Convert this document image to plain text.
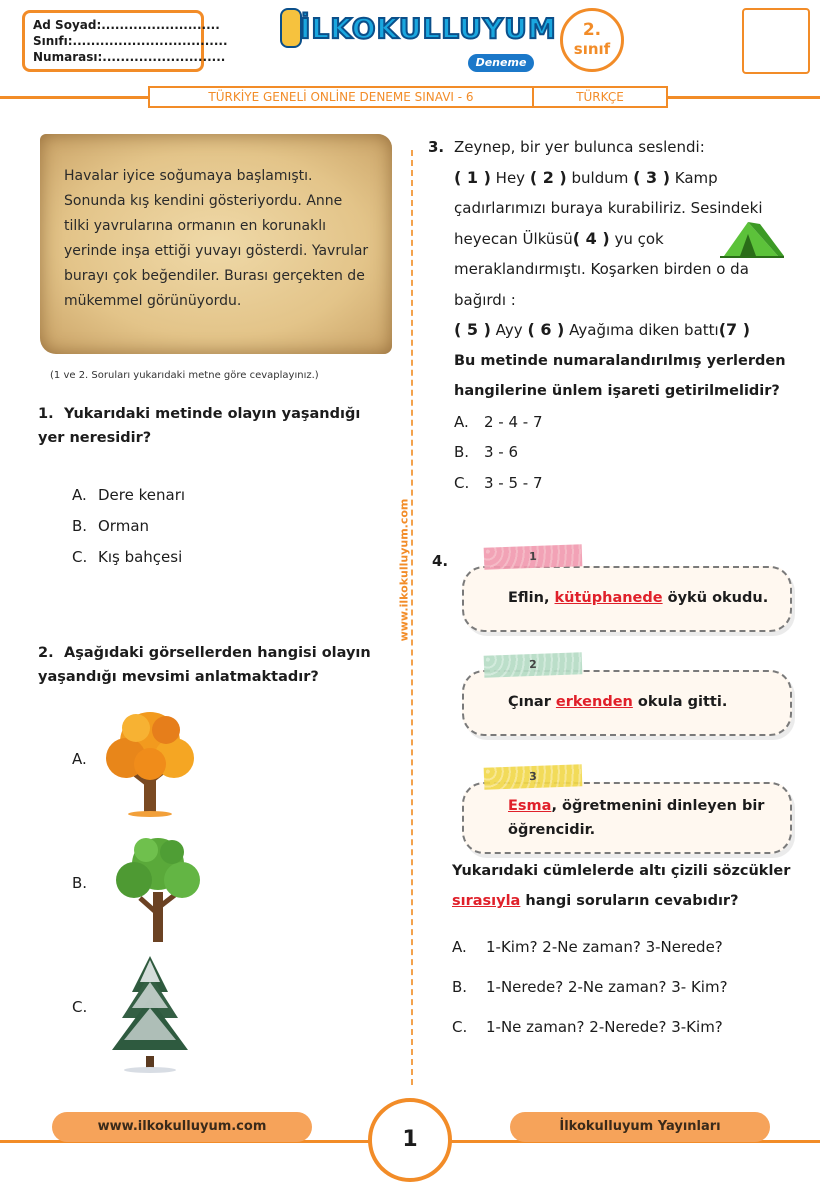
Ad Soyad:..........................
Sınıfı:..................................
Numarası:...........................
İLKOKULLUYUM
Deneme
2.
sınıf
TÜRKİYE GENELİ ONLİNE DENEME SINAVI - 6	TÜRKÇE
www.ilkokulluyum.com
Havalar iyice soğumaya başlamıştı. Sonunda kış kendini gösteriyordu. Anne tilki yavrularına ormanın en korunaklı yerinde inşa ettiği yuvayı gösterdi. Yavrular burayı çok beğendiler. Burası gerçekten de mükemmel görünüyordu.
(1 ve 2. Soruları yukarıdaki metne göre cevaplayınız.)
1. Yukarıdaki metinde olayın yaşandığı yer neresidir?
A. Dere kenarı
B. Orman
C. Kış bahçesi
2. Aşağıdaki görsellerden hangisi olayın yaşandığı mevsimi anlatmaktadır?
A.
B.
C.
3. Zeynep, bir yer bulunca seslendi:
( 1 ) Hey ( 2 ) buldum ( 3 ) Kamp
çadırlarımızı buraya kurabiliriz. Sesindeki
heyecan Ülküsü( 4 ) yu çok
meraklandırmıştı. Koşarken birden o da
bağırdı :
( 5 ) Ayy ( 6 ) Ayağıma diken battı(7 )
Bu metinde numaralandırılmış yerlerden hangilerine ünlem işareti getirilmelidir?
A. 2 - 4 - 7
B. 3 - 6
C. 3 - 5 - 7
4.
Eflin, kütüphanede öykü okudu.
1
Çınar erkenden okula gitti.
2
Esma, öğretmenini dinleyen bir öğrencidir.
3
Yukarıdaki cümlelerde altı çizili sözcükler
sırasıyla hangi soruların cevabıdır?
A. 1-Kim? 2-Ne zaman? 3-Nerede?
B. 1-Nerede? 2-Ne zaman? 3- Kim?
C. 1-Ne zaman? 2-Nerede? 3-Kim?
www.ilkokulluyum.com	İlkokulluyum Yayınları
1
